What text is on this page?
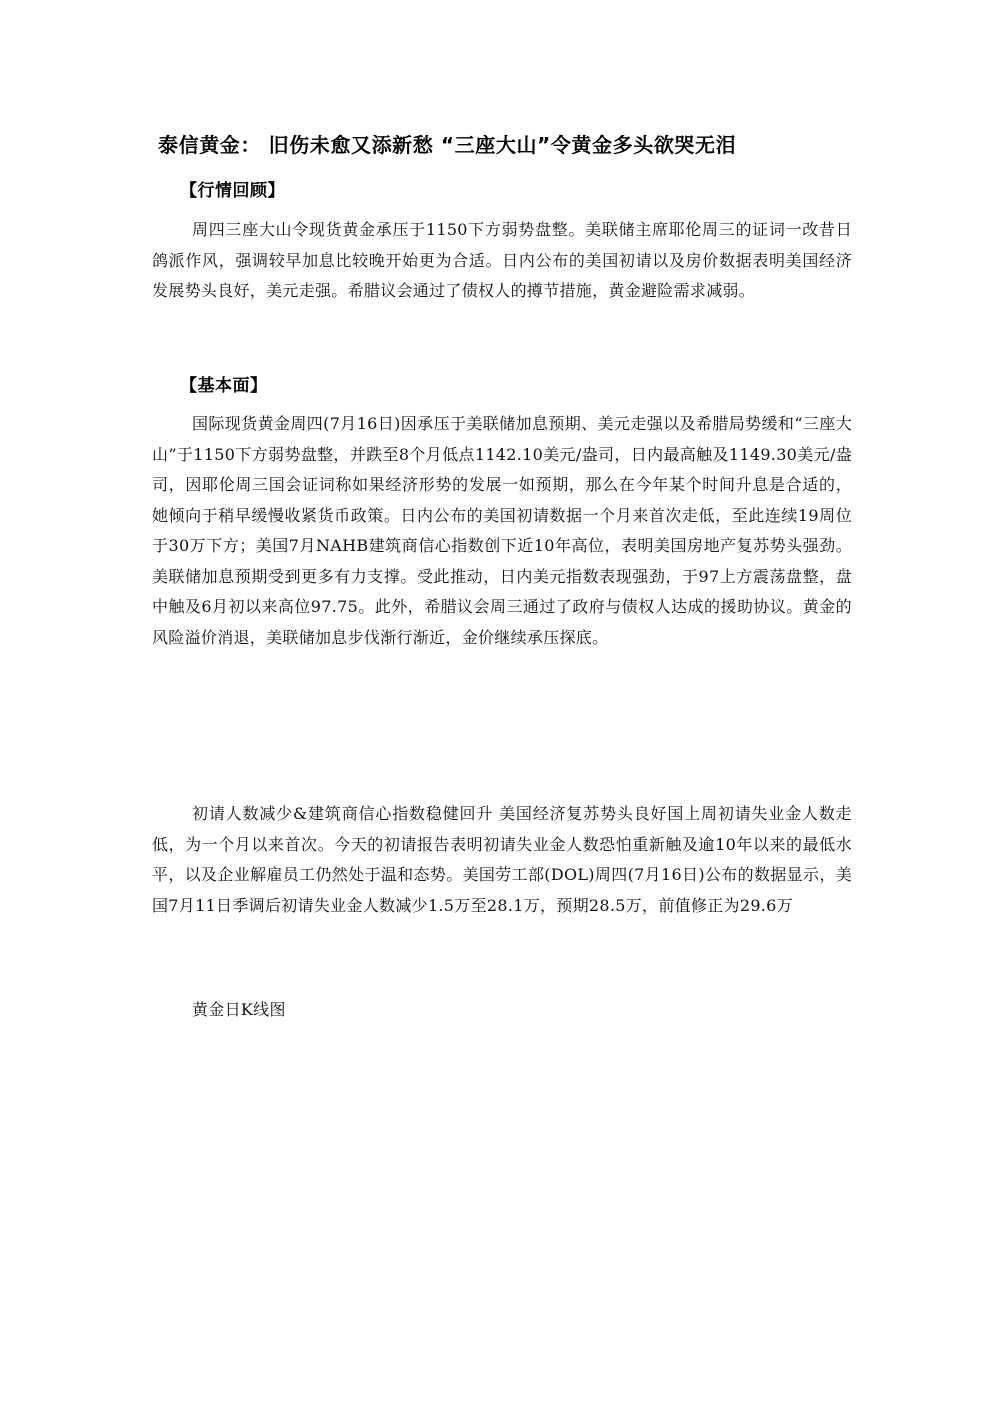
泰信黄金： 旧伤未愈又添新愁 “三座大山”令黄金多头欲哭无泪
【行情回顾】

周四三座大山令现货黄金承压于1150下方弱势盘整。美联储主席耶伦周三的证词一改昔日鸽派作风，强调较早加息比较晚开始更为合适。日内公布的美国初请以及房价数据表明美国经济发展势头良好，美元走强。希腊议会通过了债权人的撙节措施，黄金避险需求减弱。

【基本面】

国际现货黄金周四(7月16日)因承压于美联储加息预期、美元走强以及希腊局势缓和“三座大山”于1150下方弱势盘整，并跌至8个月低点1142.10美元/盎司，日内最高触及1149.30美元/盎司，因耶伦周三国会证词称如果经济形势的发展一如预期，那么在今年某个时间升息是合适的，她倾向于稍早缓慢收紧货币政策。日内公布的美国初请数据一个月来首次走低，至此连续19周位于30万下方；美国7月NAHB建筑商信心指数创下近10年高位，表明美国房地产复苏势头强劲。美联储加息预期受到更多有力支撑。受此推动，日内美元指数表现强劲，于97上方震荡盘整，盘中触及6月初以来高位97.75。此外，希腊议会周三通过了政府与债权人达成的援助协议。黄金的风险溢价消退，美联储加息步伐渐行渐近，金价继续承压探底。

初请人数减少&建筑商信心指数稳健回升 美国经济复苏势头良好国上周初请失业金人数走低，为一个月以来首次。今天的初请报告表明初请失业金人数恐怕重新触及逾10年以来的最低水平，以及企业解雇员工仍然处于温和态势。美国劳工部(DOL)周四(7月16日)公布的数据显示，美国7月11日季调后初请失业金人数减少1.5万至28.1万，预期28.5万，前值修正为29.6万

黄金日K线图
